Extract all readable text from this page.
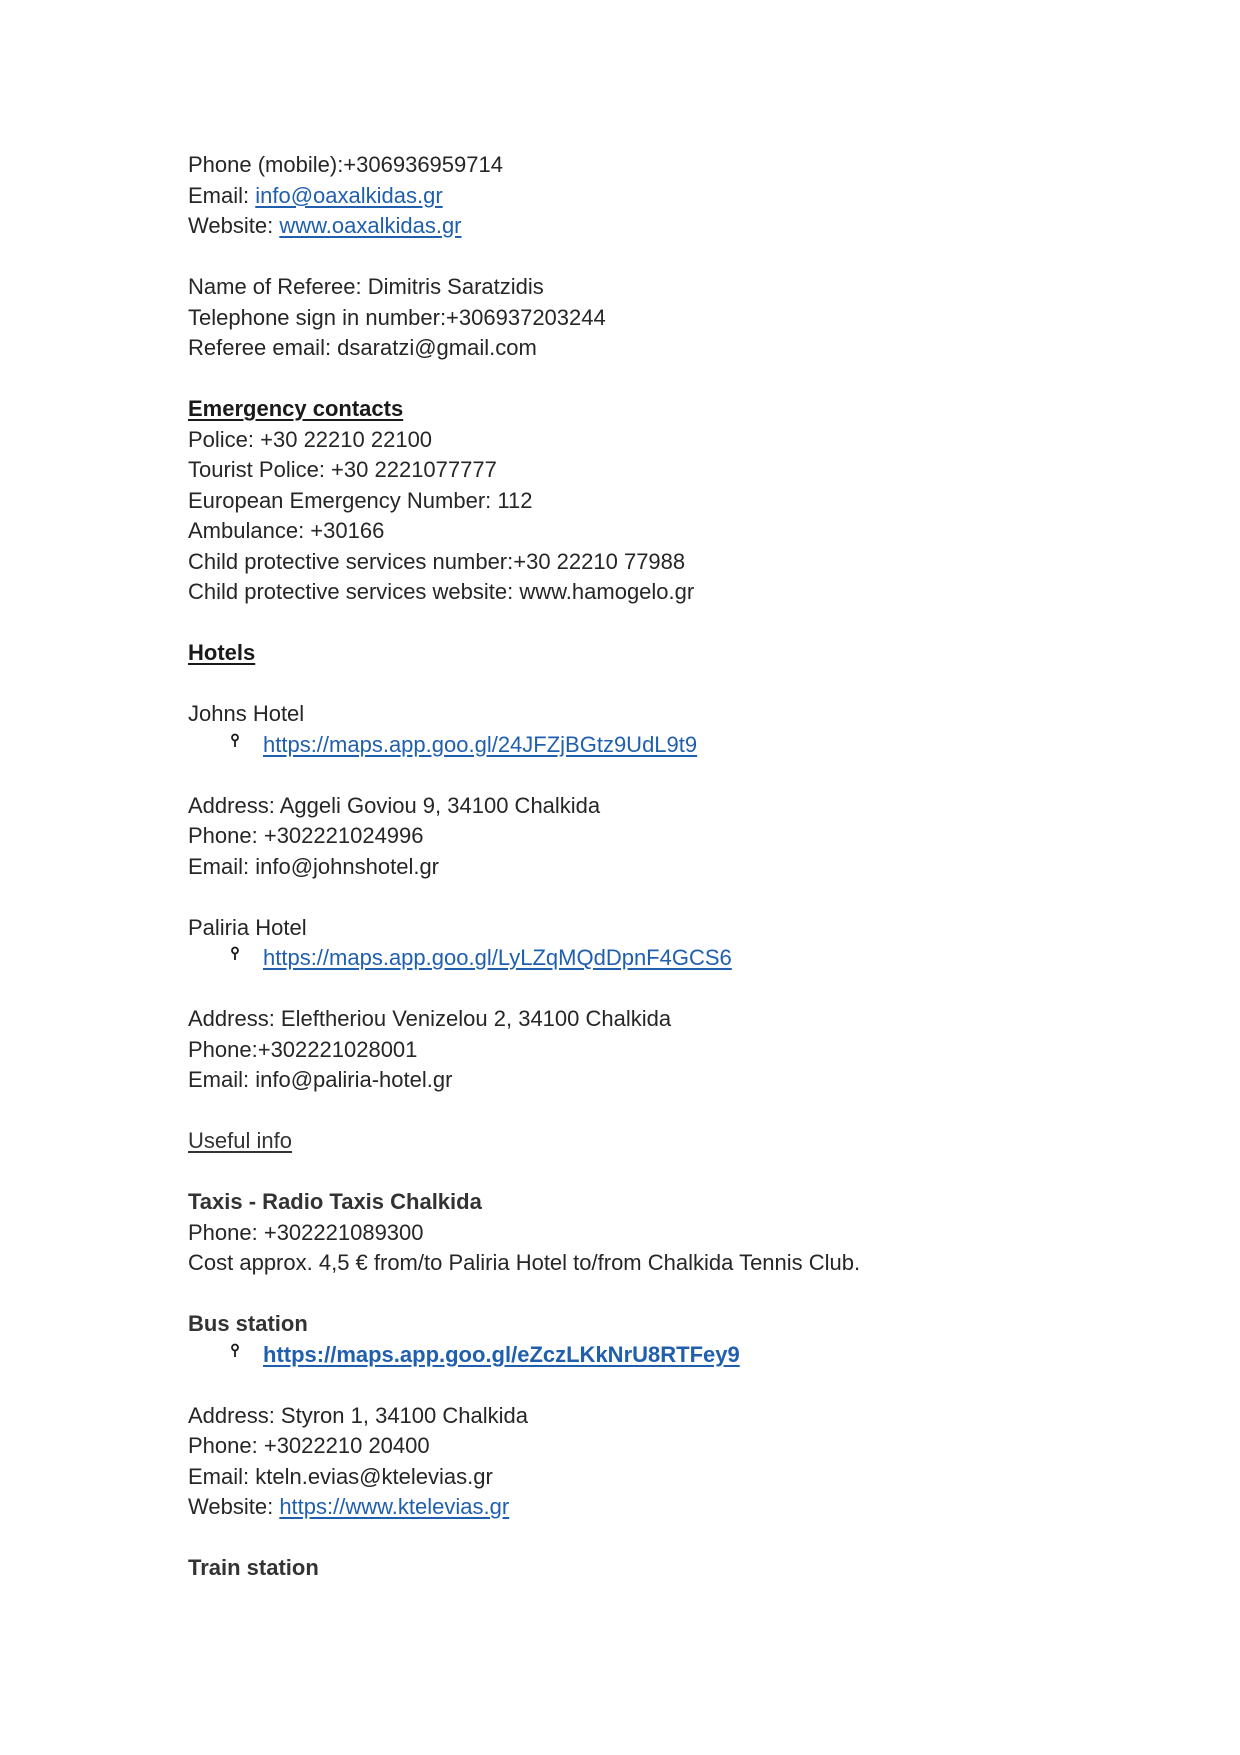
Phone (mobile):+306936959714
Email: info@oaxalkidas.gr
Website: www.oaxalkidas.gr
Name of Referee: Dimitris Saratzidis
Telephone sign in number:+306937203244
Referee email: dsaratzi@gmail.com
Emergency contacts
Police: +30 22210 22100
Tourist Police: +30 2221077777
European Emergency Number: 112
Ambulance: +30166
Child protective services number:+30 22210 77988
Child protective services website: www.hamogelo.gr
Hotels
Johns Hotel
https://maps.app.goo.gl/24JFZjBGtz9UdL9t9
Address: Aggeli Goviou 9, 34100 Chalkida
Phone: +302221024996
Email: info@johnshotel.gr
Paliria Hotel
https://maps.app.goo.gl/LyLZqMQdDpnF4GCS6
Address: Eleftheriou Venizelou 2, 34100 Chalkida
Phone:+302221028001
Email: info@paliria-hotel.gr
Useful info
Taxis - Radio Taxis Chalkida
Phone: +302221089300
Cost approx. 4,5 € from/to Paliria Hotel to/from Chalkida Tennis Club.
Bus station
https://maps.app.goo.gl/eZczLKkNrU8RTFey9
Address: Styron 1, 34100 Chalkida
Phone: +3022210 20400
Email: kteln.evias@ktelevias.gr
Website: https://www.ktelevias.gr
Train station
